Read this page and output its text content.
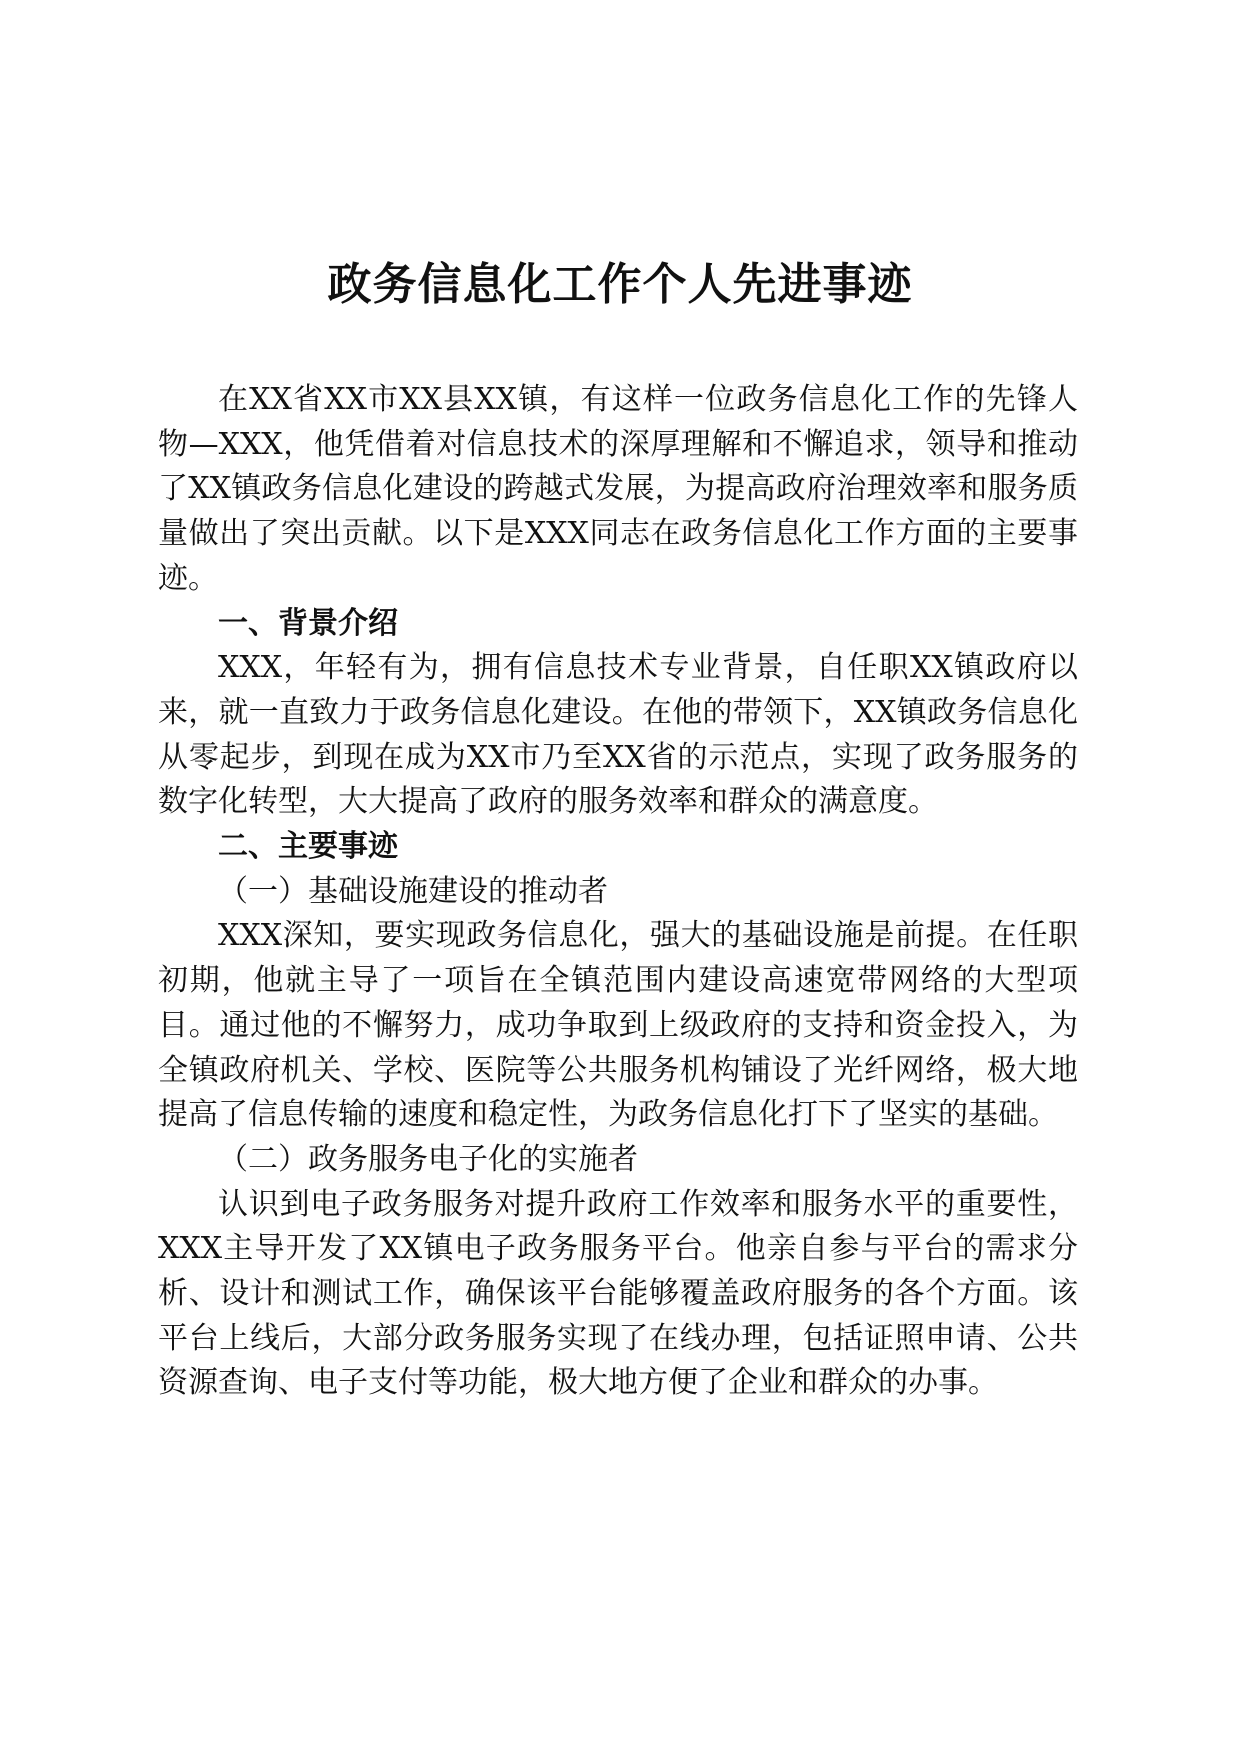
政务信息化工作个人先进事迹

在XX省XX市XX县XX镇，有这样一位政务信息化工作的先锋人物—XXX，他凭借着对信息技术的深厚理解和不懈追求，领导和推动了XX镇政务信息化建设的跨越式发展，为提高政府治理效率和服务质量做出了突出贡献。以下是XXX同志在政务信息化工作方面的主要事迹。

一、背景介绍

XXX，年轻有为，拥有信息技术专业背景，自任职XX镇政府以来，就一直致力于政务信息化建设。在他的带领下，XX镇政务信息化从零起步，到现在成为XX市乃至XX省的示范点，实现了政务服务的数字化转型，大大提高了政府的服务效率和群众的满意度。

二、主要事迹
（一）基础设施建设的推动者

XXX深知，要实现政务信息化，强大的基础设施是前提。在任职初期，他就主导了一项旨在全镇范围内建设高速宽带网络的大型项目。通过他的不懈努力，成功争取到上级政府的支持和资金投入，为全镇政府机关、学校、医院等公共服务机构铺设了光纤网络，极大地提高了信息传输的速度和稳定性，为政务信息化打下了坚实的基础。

（二）政务服务电子化的实施者

认识到电子政务服务对提升政府工作效率和服务水平的重要性，XXX主导开发了XX镇电子政务服务平台。他亲自参与平台的需求分析、设计和测试工作，确保该平台能够覆盖政府服务的各个方面。该平台上线后，大部分政务服务实现了在线办理，包括证照申请、公共资源查询、电子支付等功能，极大地方便了企业和群众的办事。
